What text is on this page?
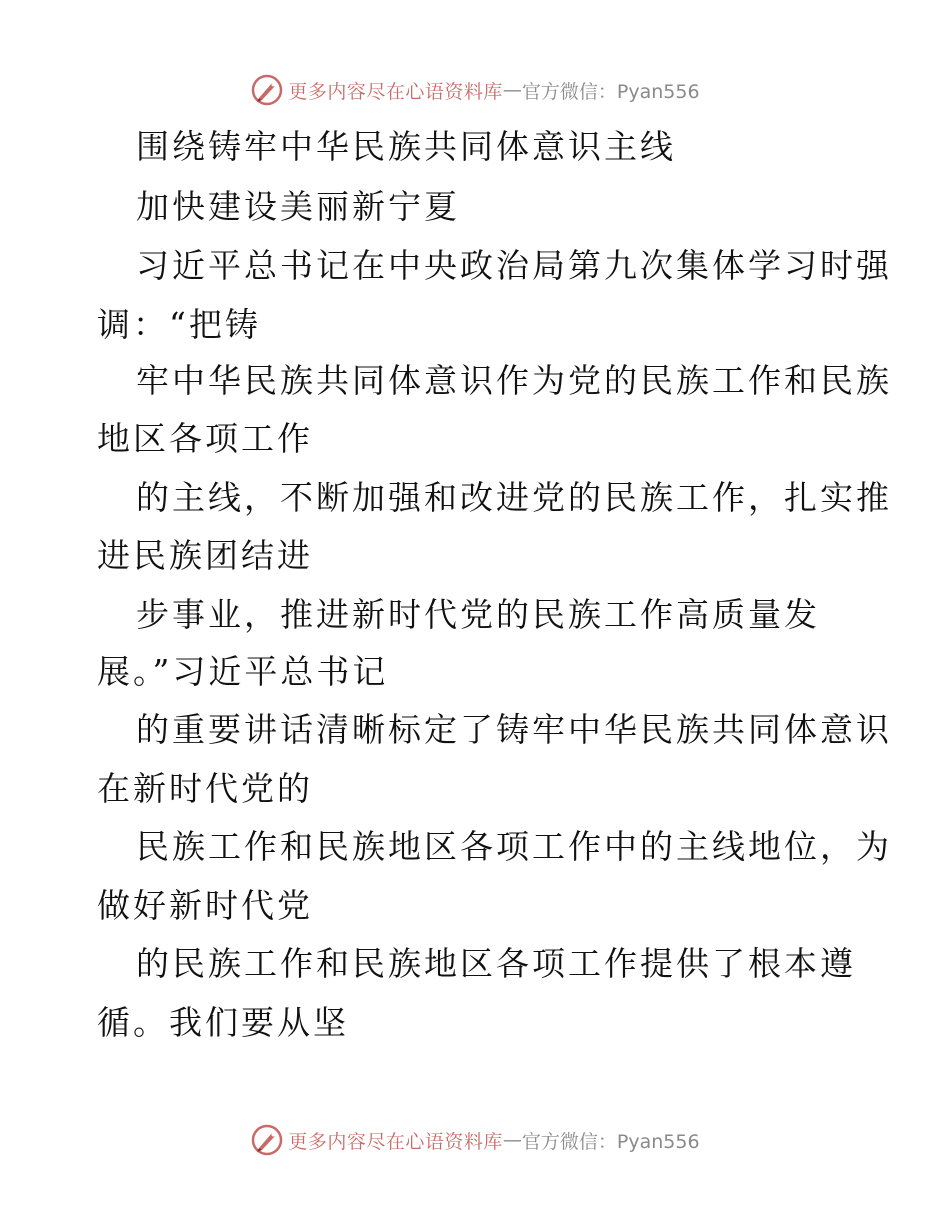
更多内容尽在心语资料库 — 官方微信：Pyan556
围绕铸牢中华民族共同体意识主线
加快建设美丽新宁夏
习近平总书记在中央政治局第九次集体学习时强
调：“把铸
牢中华民族共同体意识作为党的民族工作和民族
地区各项工作
的主线，不断加强和改进党的民族工作，扎实推
进民族团结进
步事业，推进新时代党的民族工作高质量发
展。”习近平总书记
的重要讲话清晰标定了铸牢中华民族共同体意识
在新时代党的
民族工作和民族地区各项工作中的主线地位，为
做好新时代党
的民族工作和民族地区各项工作提供了根本遵
循。我们要从坚
更多内容尽在心语资料库 — 官方微信：Pyan556
